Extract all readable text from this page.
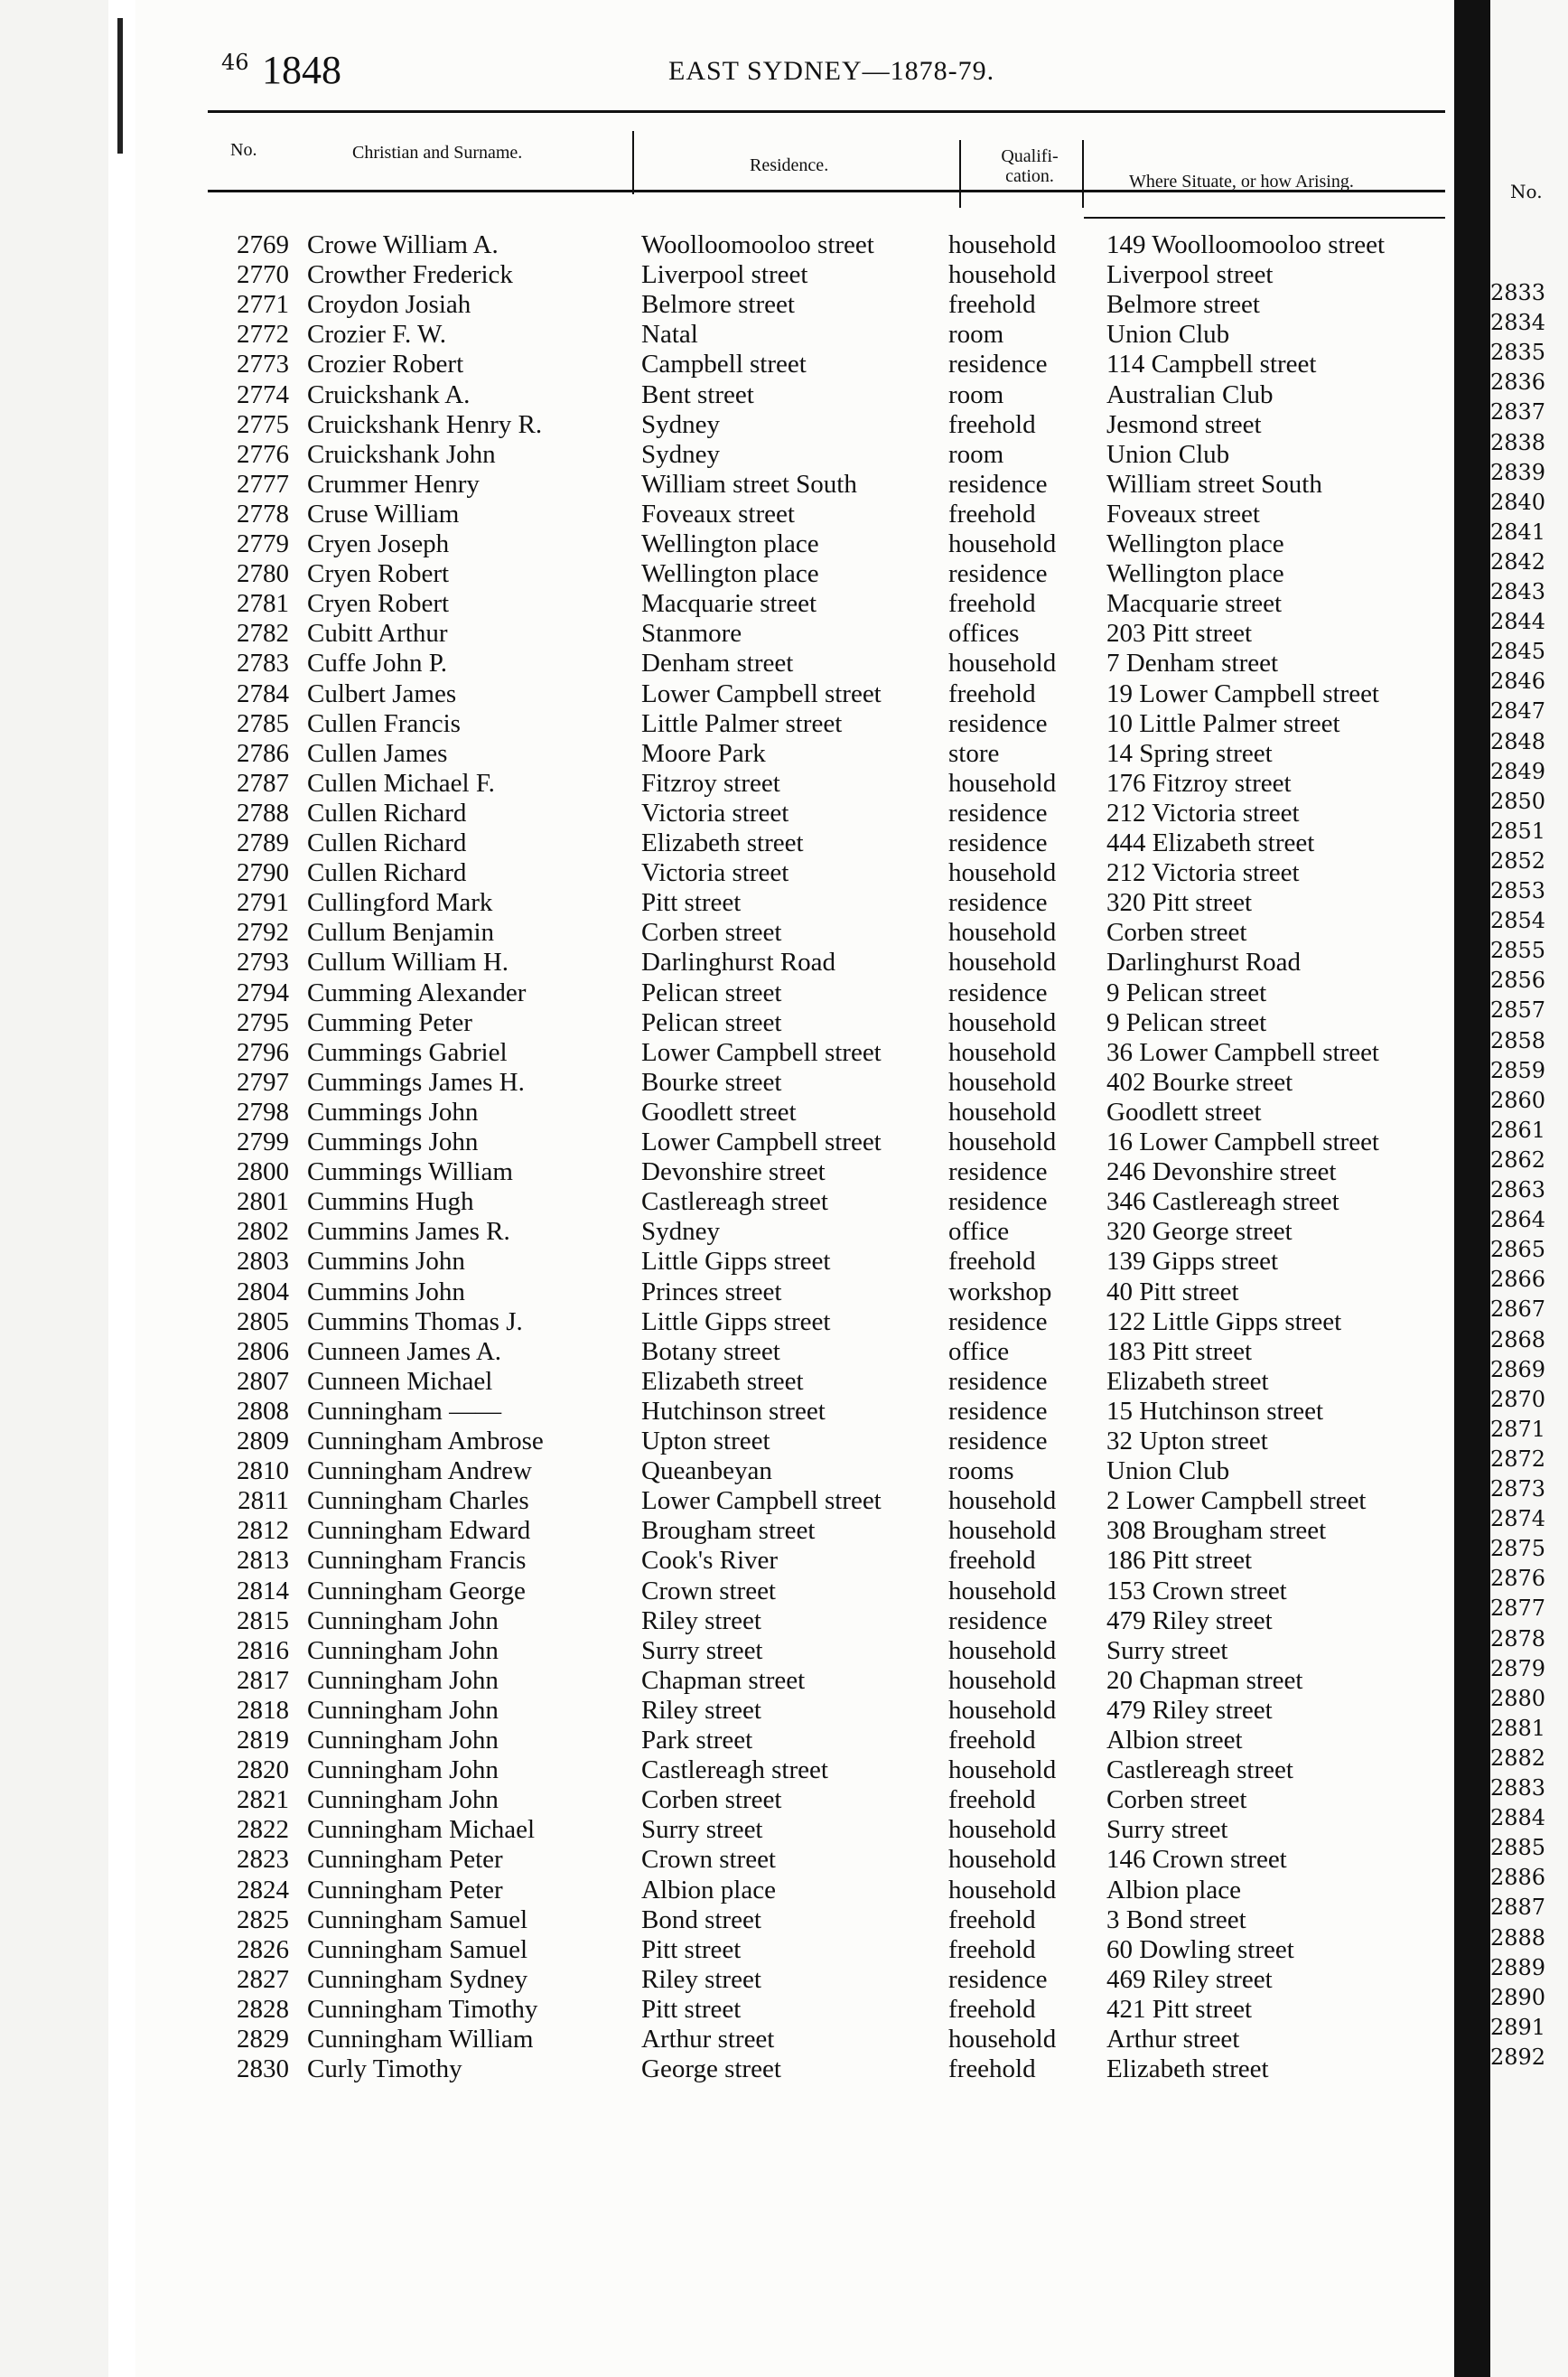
46 1848	EAST SYDNEY—1878-79.
No.	Christian and Surname.
Residence.	Qualifi-cation.	Where Situate, or how Arising.
2769 Crowe William A.	Woolloomooloo street	household	149 Woolloomooloo street
2770 Crowther Frederick	Liverpool street	household	Liverpool street
2771 Croydon Josiah	Belmore street	freehold	Belmore street
2772 Crozier F. W.	Natal	room	Union Club
2773 Crozier Robert	Campbell street	residence	114 Campbell street
2774 Cruickshank A.	Bent street	room	Australian Club
2775 Cruickshank Henry R.	Sydney	freehold	Jesmond street
2776 Cruickshank John	Sydney	room	Union Club
2777 Crummer Henry	William street South	residence	William street South
2778 Cruse William	Foveaux street	freehold	Foveaux street
2779 Cryen Joseph	Wellington place	household	Wellington place
2780 Cryen Robert	Wellington place	residence	Wellington place
2781 Cryen Robert	Macquarie street	freehold	Macquarie street
2782 Cubitt Arthur	Stanmore	offices	203 Pitt street
2783 Cuffe John P.	Denham street	household	7 Denham street
2784 Culbert James	Lower Campbell street	freehold	19 Lower Campbell street
2785 Cullen Francis	Little Palmer street	residence	10 Little Palmer street
2786 Cullen James	Moore Park	store	14 Spring street
2787 Cullen Michael F.	Fitzroy street	household	176 Fitzroy street
2788 Cullen Richard	Victoria street	residence	212 Victoria street
2789 Cullen Richard	Elizabeth street	residence	444 Elizabeth street
2790 Cullen Richard	Victoria street	household	212 Victoria street
2791 Cullingford Mark	Pitt street	residence	320 Pitt street
2792 Cullum Benjamin	Corben street	household	Corben street
2793 Cullum William H.	Darlinghurst Road	household	Darlinghurst Road
2794 Cumming Alexander	Pelican street	residence	9 Pelican street
2795 Cumming Peter	Pelican street	household	9 Pelican street
2796 Cummings Gabriel	Lower Campbell street	household	36 Lower Campbell street
2797 Cummings James H.	Bourke street	household	402 Bourke street
2798 Cummings John	Goodlett street	household	Goodlett street
2799 Cummings John	Lower Campbell street	household	16 Lower Campbell street
2800 Cummings William	Devonshire street	residence	246 Devonshire street
2801 Cummins Hugh	Castlereagh street	residence	346 Castlereagh street
2802 Cummins James R.	Sydney	office	320 George street
2803 Cummins John	Little Gipps street	freehold	139 Gipps street
2804 Cummins John	Princes street	workshop	40 Pitt street
2805 Cummins Thomas J.	Little Gipps street	residence	122 Little Gipps street
2806 Cunneen James A.	Botany street	office	183 Pitt street
2807 Cunneen Michael	Elizabeth street	residence	Elizabeth street
2808 Cunningham ——	Hutchinson street	residence	15 Hutchinson street
2809 Cunningham Ambrose	Upton street	residence	32 Upton street
2810 Cunningham Andrew	Queanbeyan	rooms	Union Club
2811 Cunningham Charles	Lower Campbell street	household	2 Lower Campbell street
2812 Cunningham Edward	Brougham street	household	308 Brougham street
2813 Cunningham Francis	Cook's River	freehold	186 Pitt street
2814 Cunningham George	Crown street	household	153 Crown street
2815 Cunningham John	Riley street	residence	479 Riley street
2816 Cunningham John	Surry street	household	Surry street
2817 Cunningham John	Chapman street	household	20 Chapman street
2818 Cunningham John	Riley street	household	479 Riley street
2819 Cunningham John	Park street	freehold	Albion street
2820 Cunningham John	Castlereagh street	household	Castlereagh street
2821 Cunningham John	Corben street	freehold	Corben street
2822 Cunningham Michael	Surry street	household	Surry street
2823 Cunningham Peter	Crown street	household	146 Crown street
2824 Cunningham Peter	Albion place	household	Albion place
2825 Cunningham Samuel	Bond street	freehold	3 Bond street
2826 Cunningham Samuel	Pitt street	freehold	60 Dowling street
2827 Cunningham Sydney	Riley street	residence	469 Riley street
2828 Cunningham Timothy	Pitt street	freehold	421 Pitt street
2829 Cunningham William	Arthur street	household	Arthur street
2830 Curly Timothy	George street	freehold	Elizabeth street
No.
2833
2834
2835
2836
2837
2838
2839
2840
2841
2842
2843
2844
2845
2846
2847
2848
2849
2850
2851
2852
2853
2854
2855
2856
2857
2858
2859
2860
2861
2862
2863
2864
2865
2866
2867
2868
2869
2870
2871
2872
2873
2874
2875
2876
2877
2878
2879
2880
2881
2882
2883
2884
2885
2886
2887
2888
2889
2890
2891
2892
